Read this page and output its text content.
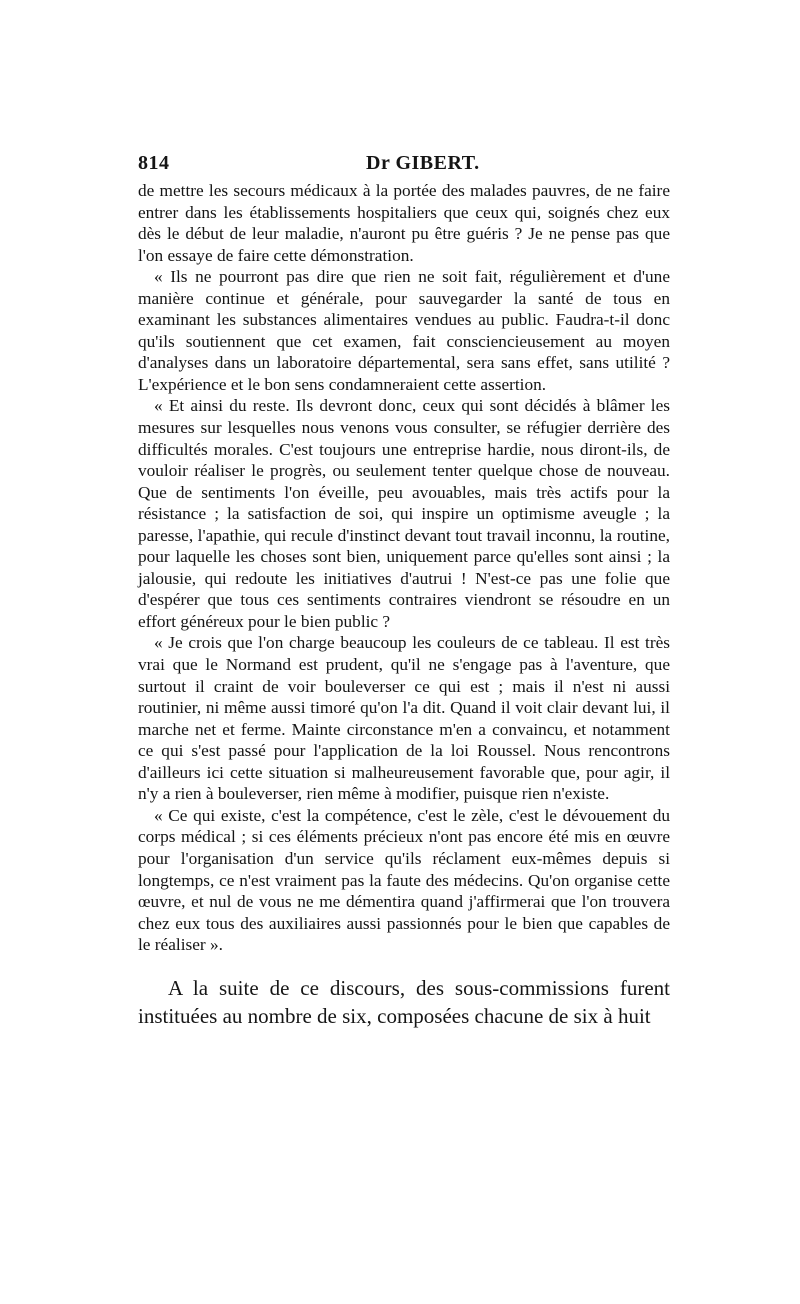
814	Dr GIBERT.

de mettre les secours médicaux à la portée des malades pauvres, de ne faire entrer dans les établissements hospitaliers que ceux qui, soignés chez eux dès le début de leur maladie, n'auront pu être guéris ? Je ne pense pas que l'on essaye de faire cette démonstration.

« Ils ne pourront pas dire que rien ne soit fait, régulièrement et d'une manière continue et générale, pour sauvegarder la santé de tous en examinant les substances alimentaires vendues au public. Faudra-t-il donc qu'ils soutiennent que cet examen, fait consciencieusement au moyen d'analyses dans un laboratoire départemental, sera sans effet, sans utilité ? L'expérience et le bon sens condamneraient cette assertion.

« Et ainsi du reste. Ils devront donc, ceux qui sont décidés à blâmer les mesures sur lesquelles nous venons vous consulter, se réfugier derrière des difficultés morales. C'est toujours une entreprise hardie, nous diront-ils, de vouloir réaliser le progrès, ou seulement tenter quelque chose de nouveau. Que de sentiments l'on éveille, peu avouables, mais très actifs pour la résistance ; la satisfaction de soi, qui inspire un optimisme aveugle ; la paresse, l'apathie, qui recule d'instinct devant tout travail inconnu, la routine, pour laquelle les choses sont bien, uniquement parce qu'elles sont ainsi ; la jalousie, qui redoute les initiatives d'autrui ! N'est-ce pas une folie que d'espérer que tous ces sentiments contraires viendront se résoudre en un effort généreux pour le bien public ?

« Je crois que l'on charge beaucoup les couleurs de ce tableau. Il est très vrai que le Normand est prudent, qu'il ne s'engage pas à l'aventure, que surtout il craint de voir bouleverser ce qui est ; mais il n'est ni aussi routinier, ni même aussi timoré qu'on l'a dit. Quand il voit clair devant lui, il marche net et ferme. Mainte circonstance m'en a convaincu, et notamment ce qui s'est passé pour l'application de la loi Roussel. Nous rencontrons d'ailleurs ici cette situation si malheureusement favorable que, pour agir, il n'y a rien à bouleverser, rien même à modifier, puisque rien n'existe.

« Ce qui existe, c'est la compétence, c'est le zèle, c'est le dévouement du corps médical ; si ces éléments précieux n'ont pas encore été mis en œuvre pour l'organisation d'un service qu'ils réclament eux-mêmes depuis si longtemps, ce n'est vraiment pas la faute des médecins. Qu'on organise cette œuvre, et nul de vous ne me démentira quand j'affirmerai que l'on trouvera chez eux tous des auxiliaires aussi passionnés pour le bien que capables de le réaliser ».

A la suite de ce discours, des sous-commissions furent instituées au nombre de six, composées chacune de six à huit
